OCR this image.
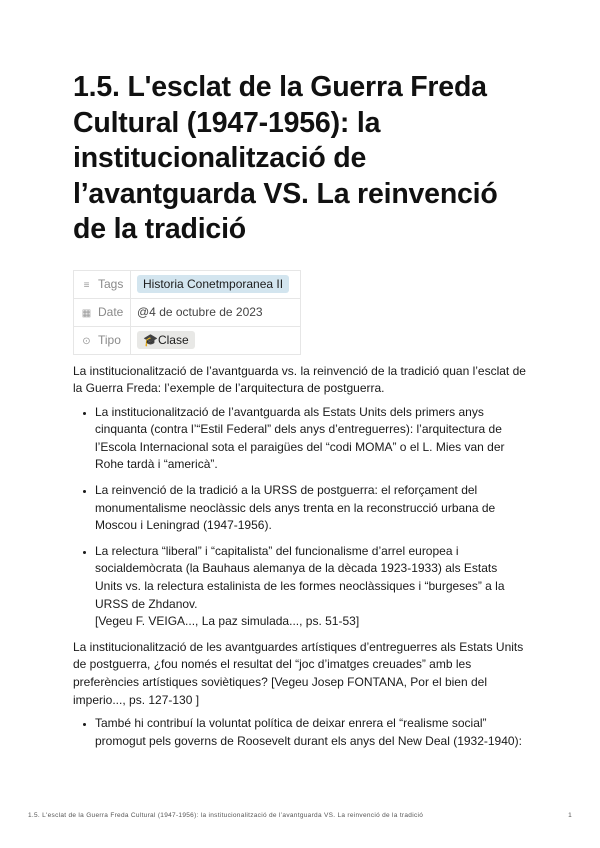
1.5. L'esclat de la Guerra Freda Cultural (1947-1956): la institucionalització de l’avantguarda VS. La reinvenció de la tradició
≡ Tags	Historia Conetmporanea II
▦ Date	@4 de octubre de 2023
⊙ Tipo	🎓Clase

La institucionalització de l’avantguarda vs. la reinvenció de la tradició quan l’esclat de la Guerra Freda: l’exemple de l’arquitectura de postguerra.

• La institucionalització de l’avantguarda als Estats Units dels primers anys cinquanta (contra l’“Estil Federal” dels anys d’entreguerres): l’arquitectura de l’Escola Internacional sota el paraigües del “codi MOMA” o el L. Mies van der Rohe tardà i “americà”.
• La reinvenció de la tradició a la URSS de postguerra: el reforçament del monumentalisme neoclàssic dels anys trenta en la reconstrucció urbana de Moscou i Leningrad (1947-1956).
• La relectura “liberal” i “capitalista” del funcionalisme d’arrel europea i socialdemòcrata (la Bauhaus alemanya de la dècada 1923-1933) als Estats Units vs. la relectura estalinista de les formes neoclàssiques i “burgeses” a la URSS de Zhdanov.
[Vegeu F. VEIGA..., La paz simulada..., ps. 51-53]

La institucionalització de les avantguardes artístiques d’entreguerres als Estats Units de postguerra, ¿fou només el resultat del “joc d’imatges creuades” amb les preferències artístiques soviètiques? [Vegeu Josep FONTANA, Por el bien del imperio..., ps. 127-130 ]

• També hi contribuí la voluntat política de deixar enrera el “realisme social” promogut pels governs de Roosevelt durant els anys del New Deal (1932-1940):
1.5. L'esclat de la Guerra Freda Cultural (1947-1956): la institucionalització de l’avantguarda VS. La reinvenció de la tradició	1
